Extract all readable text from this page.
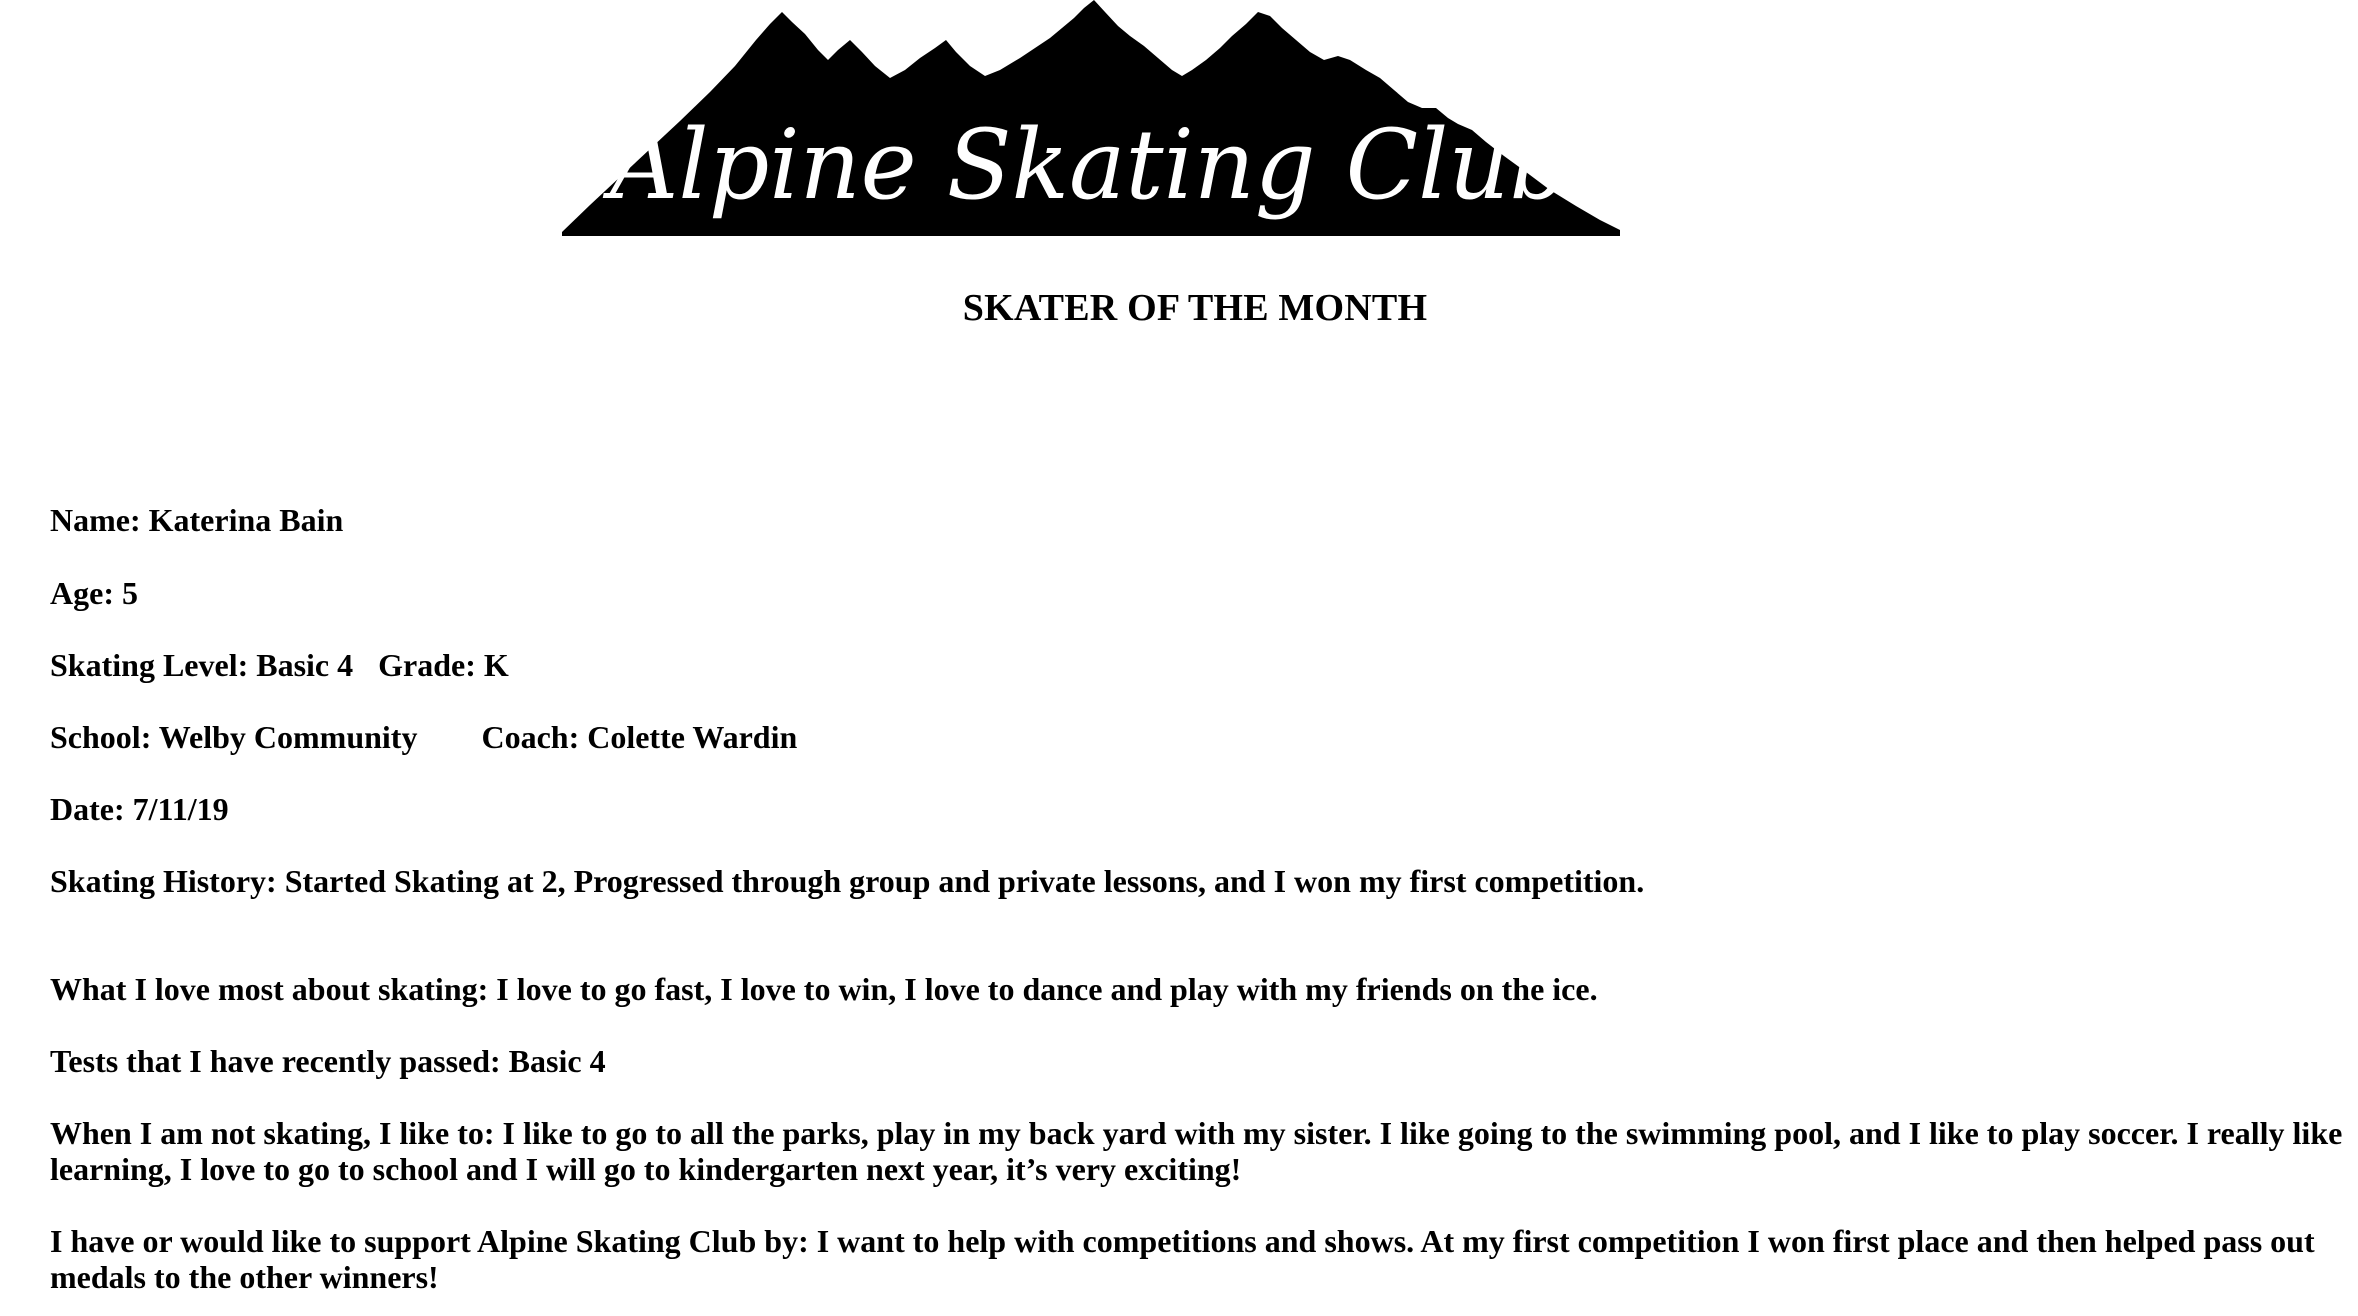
Alpine Skating Club
SKATER OF THE MONTH
Name: Katerina Bain
Age: 5
Skating Level: Basic 4 Grade: K
School: Welby Community Coach: Colette Wardin
Date: 7/11/19
Skating History: Started Skating at 2, Progressed through group and private lessons, and I won my first competition.
What I love most about skating: I love to go fast, I love to win, I love to dance and play with my friends on the ice.
Tests that I have recently passed: Basic 4
When I am not skating, I like to: I like to go to all the parks, play in my back yard with my sister. I like going to the swimming pool, and I like to play soccer. I really like learning, I love to go to school and I will go to kindergarten next year, it’s very exciting!
I have or would like to support Alpine Skating Club by: I want to help with competitions and shows. At my first competition I won first place and then helped pass out medals to the other winners!
